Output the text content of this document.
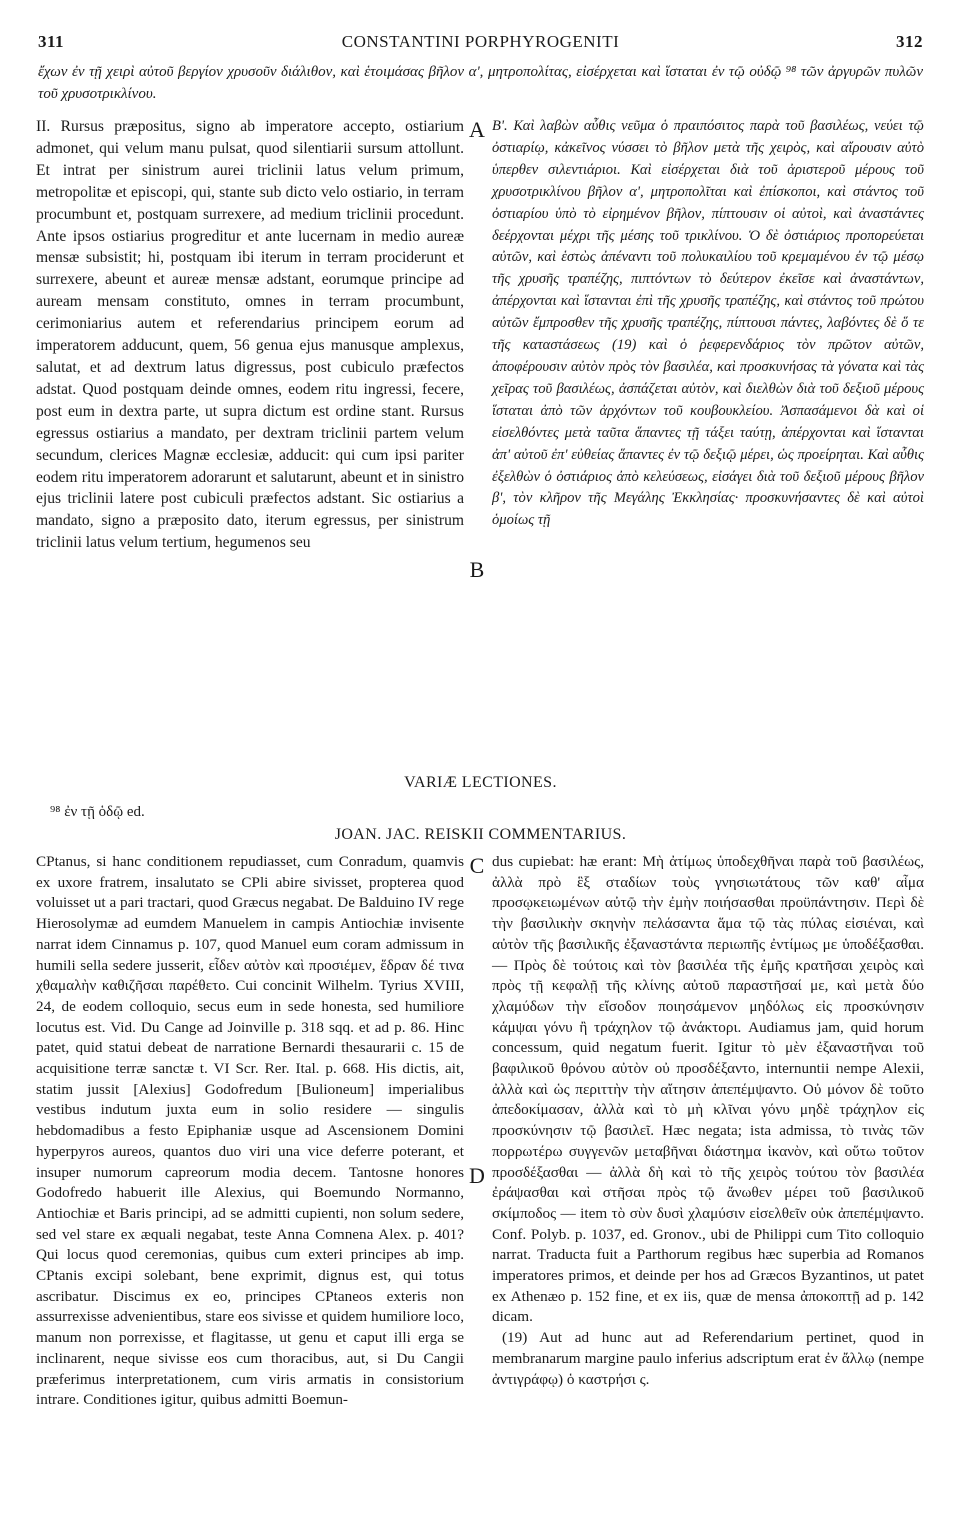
311	CONSTANTINI PORPHYROGENITI	312
ἔχων ἐν τῇ χειρὶ αὐτοῦ βεργίον χρυσοῦν διάλιθον, καὶ ἑτοιμάσας βῆλον α', μητροπολίτας, εἰσέρχεται καὶ ἵσταται ἐν τῷ οὐδῷ ⁹⁸ τῶν ἀργυρῶν πυλῶν τοῦ χρυσοτρικλίνου.

II. Rursus præpositus, signo ab imperatore accepto, ostiarium admonet, qui velum manu pulsat, quod silentiarii sursum attollunt. Et intrat per sinistrum aurei triclinii latus velum primum, metropolitæ et episcopi, qui, stante sub dicto velo ostiario, in terram procumbunt et, postquam surrexere, ad medium triclinii procedunt. Ante ipsos ostiarius progreditur et ante lucernam in medio aureæ mensæ subsistit; hi, postquam ibi iterum in terram prociderunt et surrexere, abeunt et aureæ mensæ adstant, eorumque principe ad auream mensam constituto, omnes in terram procumbunt, cerimoniarius autem et referendarius principem eorum ad imperatorem adducunt, quem, 56 genua ejus manusque amplexus, salutat, et ad dextrum latus digressus, post cubiculo præfectos adstat. Quod postquam deinde omnes, eodem ritu ingressi, fecere, post eum in dextra parte, ut supra dictum est ordine stant. Rursus egressus ostiarius a mandato, per dextram triclinii partem velum secundum, clerices Magnæ ecclesiæ, adducit: qui cum ipsi pariter eodem ritu imperatorem adorarunt et salutarunt, abeunt et in sinistro ejus triclinii latere post cubiculi præfectos adstant. Sic ostiarius a mandato, signo a præposito dato, iterum egressus, per sinistrum triclinii latus velum tertium, hegumenos seu

A
B

Β'. Καὶ λαβὼν αὖθις νεῦμα ὁ πραιπόσιτος παρὰ τοῦ βασιλέως, νεύει τῷ ὀστιαρίῳ, κἀκεῖνος νύσσει τὸ βῆλον μετὰ τῆς χειρὸς, καὶ αἴρουσιν αὐτὸ ὑπερθεν σιλεντιάριοι. Καὶ εἰσέρχεται διὰ τοῦ ἀριστεροῦ μέρους τοῦ χρυσοτρικλίνου βῆλον α', μητροπολῖται καὶ ἐπίσκοποι, καὶ στάντος τοῦ ὀστιαρίου ὑπὸ τὸ εἰρημένον βῆλον, πίπτουσιν οἱ αὐτοὶ, καὶ ἀναστάντες δεέρχονται μέχρι τῆς μέσης τοῦ τρικλίνου. Ὁ δὲ ὀστιάριος προπορεύεται αὐτῶν, καὶ ἑστὼς ἀπέναντι τοῦ πολυκαιλίου τοῦ κρεμαμένου ἐν τῷ μέσῳ τῆς χρυσῆς τραπέζης, πιπτόντων τὸ δεύτερον ἐκεῖσε καὶ ἀναστάντων, ἀπέρχονται καὶ ἵστανται ἐπὶ τῆς χρυσῆς τραπέζης, καὶ στάντος τοῦ πρώτου αὐτῶν ἔμπροσθεν τῆς χρυσῆς τραπέζης, πίπτουσι πάντες, λαβόντες δὲ ὅ τε τῆς καταστάσεως (19) καὶ ὁ ῥεφερενδάριος τὸν πρῶτον αὐτῶν, ἀποφέρουσιν αὐτὸν πρὸς τὸν βασιλέα, καὶ προσκυνήσας τὰ γόνατα καὶ τὰς χεῖρας τοῦ βασιλέως, ἀσπάζεται αὐτὸν, καὶ διελθὼν διὰ τοῦ δεξιοῦ μέρους ἵσταται ἀπὸ τῶν ἀρχόντων τοῦ κουβουκλείου. Ἀσπασάμενοι δὰ καὶ οἱ εἰσελθόντες μετὰ ταῦτα ἅπαντες τῇ τάξει ταύτῃ, ἀπέρχονται καὶ ἵστανται ἀπ' αὐτοῦ ἐπ' εὐθείας ἅπαντες ἐν τῷ δεξιῷ μέρει, ὡς προείρηται. Καὶ αὖθις ἐξελθὼν ὁ ὀστιάριος ἀπὸ κελεύσεως, εἰσάγει διὰ τοῦ δεξιοῦ μέρους βῆλον β', τὸν κλῆρον τῆς Μεγάλης Ἐκκλησίας· προσκυνήσαντες δὲ καὶ αὐτοὶ ὁμοίως τῇ

VARIÆ LECTIONES.
⁹⁸ ἐν τῇ ὁδῷ ed.
JOAN. JAC. REISKII COMMENTARIUS.

CPtanus, si hanc conditionem repudiasset, cum Conradum, quamvis ex uxore fratrem, insalutato se CPli abire sivisset, propterea quod voluisset ut a pari tractari, quod Græcus negabat. De Balduino IV rege Hierosolymæ ad eumdem Manuelem in campis Antiochiæ invisente narrat idem Cinnamus p. 107, quod Manuel eum coram admissum in humili sella sedere jusserit, εἶδεν αὐτὸν καὶ προσιέμεν, ἕδραν δέ τινα χθαμαλὴν καθιζῆσαι παρέθετο. Cui concinit Wilhelm. Tyrius XVIII, 24, de eodem colloquio, secus eum in sede honesta, sed humiliore locutus est. Vid. Du Cange ad Joinville p. 318 sqq. et ad p. 86. Hinc patet, quid statui debeat de narratione Bernardi thesaurarii c. 15 de acquisitione terræ sanctæ t. VI Scr. Rer. Ital. p. 668. His dictis, ait, statim jussit [Alexius] Godofredum [Bulioneum] imperialibus vestibus indutum juxta eum in solio residere — singulis hebdomadibus a festo Epiphaniæ usque ad Ascensionem Domini hyperpyros aureos, quantos duo viri una vice deferre poterant, et insuper numorum capreorum modia decem. Tantosne honores Godofredo habuerit ille Alexius, qui Boemundo Normanno, Antiochiæ et Baris principi, ad se admitti cupienti, non solum sedere, sed vel stare ex æquali negabat, teste Anna Comnena Alex. p. 401? Qui locus quod ceremonias, quibus cum exteri principes ab imp. CPtanis excipi solebant, bene exprimit, dignus est, qui totus ascribatur. Discimus ex eo, principes CPtaneos exteris non assurrexisse advenientibus, stare eos sivisse et quidem humiliore loco, manum non porrexisse, et flagitasse, ut genu et caput illi erga se inclinarent, neque sivisse eos cum thoracibus, aut, si Du Cangii præferimus interpretationem, cum viris armatis in consistorium intrare. Conditiones igitur, quibus admitti Boemun-

C
D

dus cupiebat: hæ erant: Μὴ ἀτίμως ὑποδεχθῆναι παρὰ τοῦ βασιλέως, ἀλλὰ πρὸ ἓξ σταδίων τοὺς γνησιωτάτους τῶν καθ' αἷμα προσῳκειωμένων αὐτῷ τὴν ἐμὴν ποιήσασθαι προϋπάντησιν. Περὶ δὲ τὴν βασιλικὴν σκηνὴν πελάσαντα ἅμα τῷ τὰς πύλας εἰσιέναι, καὶ αὐτὸν τῆς βασιλικῆς ἐξαναστάντα περιωπῆς ἐντίμως με ὑποδέξασθαι. — Πρὸς δὲ τούτοις καὶ τὸν βασιλέα τῆς ἐμῆς κρατῆσαι χειρὸς καὶ πρὸς τῇ κεφαλῇ τῆς κλίνης αὐτοῦ παραστῆσαί με, καὶ μετὰ δύο χλαμύδων τὴν εἴσοδον ποιησάμενον μηδόλως εἰς προσκύνησιν κάμψαι γόνυ ἢ τράχηλον τῷ ἀνάκτορι. Audiamus jam, quid horum concessum, quid negatum fuerit. Igitur τὸ μὲν ἐξαναστῆναι τοῦ βαφιλικοῦ θρόνου αὐτὸν οὐ προσδέξαντο, internuntii nempe Alexii, ἀλλὰ καὶ ὡς περιττὴν τὴν αἴτησιν ἀπεπέμψαντο. Οὐ μόνον δὲ τοῦτο ἀπεδοκίμασαν, ἀλλὰ καὶ τὸ μὴ κλῖναι γόνυ μηδὲ τράχηλον εἰς προσκύνησιν τῷ βασιλεῖ. Hæc negata; ista admissa, τὸ τινὰς τῶν πορρωτέρω συγγενῶν μεταβῆναι διάστημα ἱκανὸν, καὶ οὕτω τοῦτον προσδέξασθαι — ἀλλὰ δὴ καὶ τὸ τῆς χειρὸς τούτου τὸν βασιλέα ἐράψασθαι καὶ στῆσαι πρὸς τῷ ἄνωθεν μέρει τοῦ βασιλικοῦ σκίμποδος — item τὸ σὺν δυσὶ χλαμύσιν εἰσελθεῖν οὐκ ἀπεπέμψαντο. Conf. Polyb. p. 1037, ed. Gronov., ubi de Philippi cum Tito colloquio narrat. Traducta fuit a Parthorum regibus hæc superbia ad Romanos imperatores primos, et deinde per hos ad Græcos Byzantinos, ut patet ex Athenæo p. 152 fine, et ex iis, quæ de mensa ἀποκοπτῇ ad p. 142 dicam.

(19) Aut ad hunc aut ad Referendarium pertinet, quod in membranarum margine paulo inferius adscriptum erat ἐν ἄλλῳ (nempe ἀντιγράφῳ) ὁ καστρήσι ς.
